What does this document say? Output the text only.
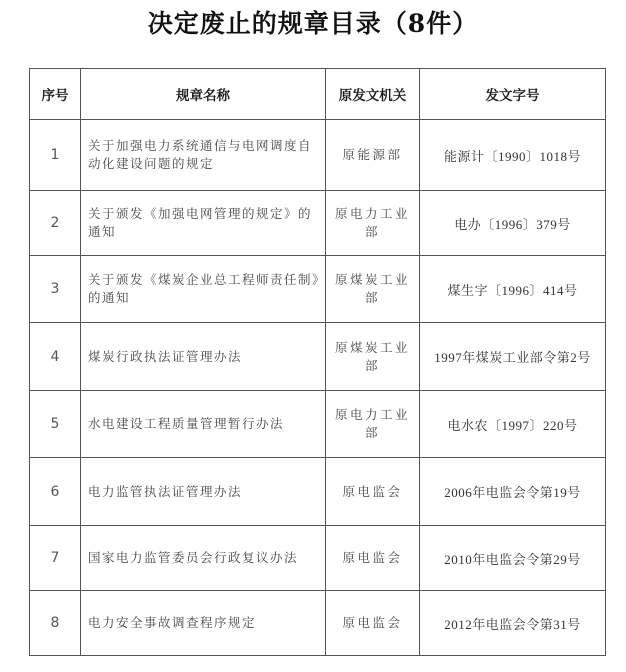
决定废止的规章目录（8件）
序号	规章名称	原发文机关	发文字号
1	关于加强电力系统通信与电网调度自动化建设问题的规定	原能源部	能源计〔1990〕1018号
2	关于颁发《加强电网管理的规定》的通知	原电力工业部	电办〔1996〕379号
3	关于颁发《煤炭企业总工程师责任制》的通知	原煤炭工业部	煤生字〔1996〕414号
4	煤炭行政执法证管理办法	原煤炭工业部	1997年煤炭工业部令第2号
5	水电建设工程质量管理暂行办法	原电力工业部	电水农〔1997〕220号
6	电力监管执法证管理办法	原电监会	2006年电监会令第19号
7	国家电力监管委员会行政复议办法	原电监会	2010年电监会令第29号
8	电力安全事故调查程序规定	原电监会	2012年电监会令第31号
